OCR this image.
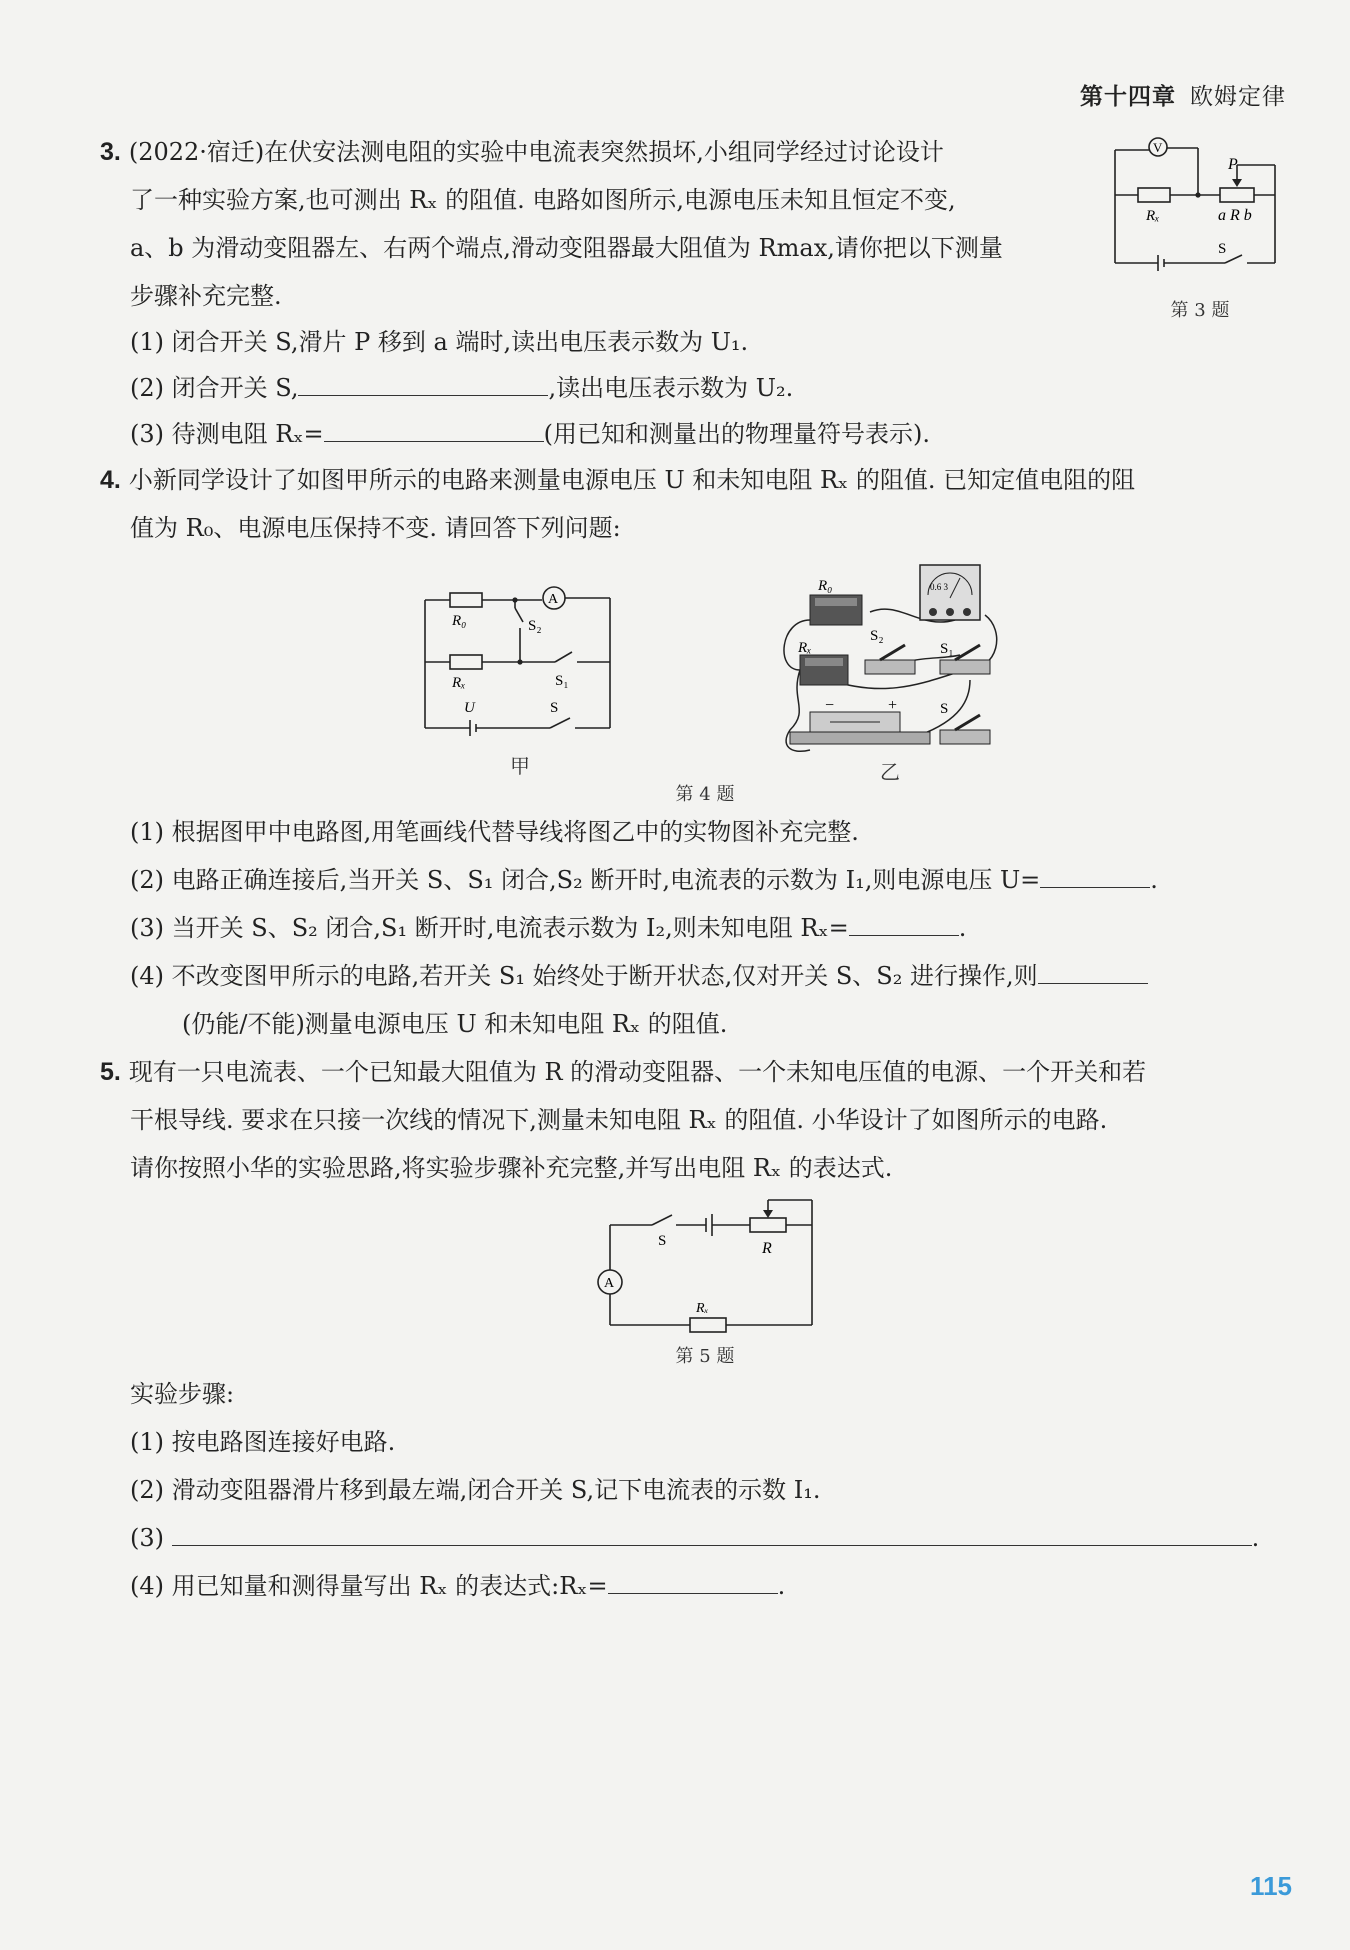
第十四章 欧姆定律
3. (2022·宿迁)在伏安法测电阻的实验中电流表突然损坏,小组同学经过讨论设计
了一种实验方案,也可测出 Rₓ 的阻值. 电路如图所示,电源电压未知且恒定不变,
a、b 为滑动变阻器左、右两个端点,滑动变阻器最大阻值为 Rmax,请你把以下测量
步骤补充完整.
(1) 闭合开关 S,滑片 P 移到 a 端时,读出电压表示数为 U₁.
(2) 闭合开关 S,	,读出电压表示数为 U₂.
(3) 待测电阻 Rₓ=	(用已知和测量出的物理量符号表示).
V
P
Rₓ	a R b
S
第 3 题
4. 小新同学设计了如图甲所示的电路来测量电源电压 U 和未知电阻 Rₓ 的阻值. 已知定值电阻的阻
值为 R₀、电源电压保持不变. 请回答下列问题:
A
R₀	S₂
Rₓ	S₁
U	S
甲
R₀
Rₓ
0.6 3
S₂
S₁
−	+	S
乙
第 4 题
(1) 根据图甲中电路图,用笔画线代替导线将图乙中的实物图补充完整.
(2) 电路正确连接后,当开关 S、S₁ 闭合,S₂ 断开时,电流表的示数为 I₁,则电源电压 U=	.
(3) 当开关 S、S₂ 闭合,S₁ 断开时,电流表示数为 I₂,则未知电阻 Rₓ=	.
(4) 不改变图甲所示的电路,若开关 S₁ 始终处于断开状态,仅对开关 S、S₂ 进行操作,则
(仍能/不能)测量电源电压 U 和未知电阻 Rₓ 的阻值.
5. 现有一只电流表、一个已知最大阻值为 R 的滑动变阻器、一个未知电压值的电源、一个开关和若
干根导线. 要求在只接一次线的情况下,测量未知电阻 Rₓ 的阻值. 小华设计了如图所示的电路.
请你按照小华的实验思路,将实验步骤补充完整,并写出电阻 Rₓ 的表达式.
S	R
A
Rₓ
第 5 题
实验步骤:
(1) 按电路图连接好电路.
(2) 滑动变阻器滑片移到最左端,闭合开关 S,记下电流表的示数 I₁.
(3)	.
(4) 用已知量和测得量写出 Rₓ 的表达式:Rₓ=	.
115
